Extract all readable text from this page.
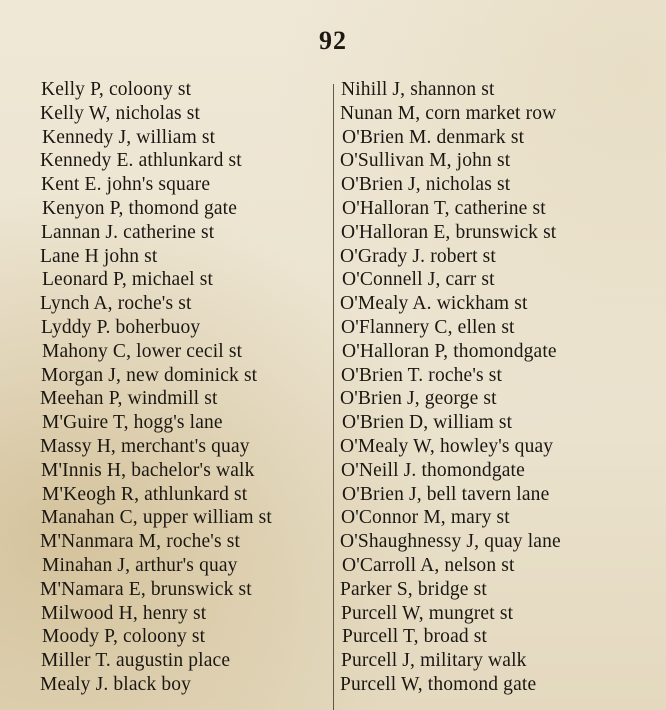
92
Kelly P, coloony st
Kelly W, nicholas st
Kennedy J, william st
Kennedy E. athlunkard st
Kent E. john's square
Kenyon P, thomond gate
Lannan J. catherine st
Lane H john st
Leonard P, michael st
Lynch A, roche's st
Lyddy P. boherbuoy
Mahony C, lower cecil st
Morgan J, new dominick st
Meehan P, windmill st
M'Guire T, hogg's lane
Massy H, merchant's quay
M'Innis H, bachelor's walk
M'Keogh R, athlunkard st
Manahan C, upper william st
M'Nanmara M, roche's st
Minahan J, arthur's quay
M'Namara E, brunswick st
Milwood H, henry st
Moody P, coloony st
Miller T. augustin place
Mealy J. black boy
Nihill J, shannon st
Nunan M, corn market row
O'Brien M. denmark st
O'Sullivan M, john st
O'Brien J, nicholas st
O'Halloran T, catherine st
O'Halloran E, brunswick st
O'Grady J. robert st
O'Connell J, carr st
O'Mealy A. wickham st
O'Flannery C, ellen st
O'Halloran P, thomondgate
O'Brien T. roche's st
O'Brien J, george st
O'Brien D, william st
O'Mealy W, howley's quay
O'Neill J. thomondgate
O'Brien J, bell tavern lane
O'Connor M, mary st
O'Shaughnessy J, quay lane
O'Carroll A, nelson st
Parker S, bridge st
Purcell W, mungret st
Purcell T, broad st
Purcell J, military walk
Purcell W, thomond gate
